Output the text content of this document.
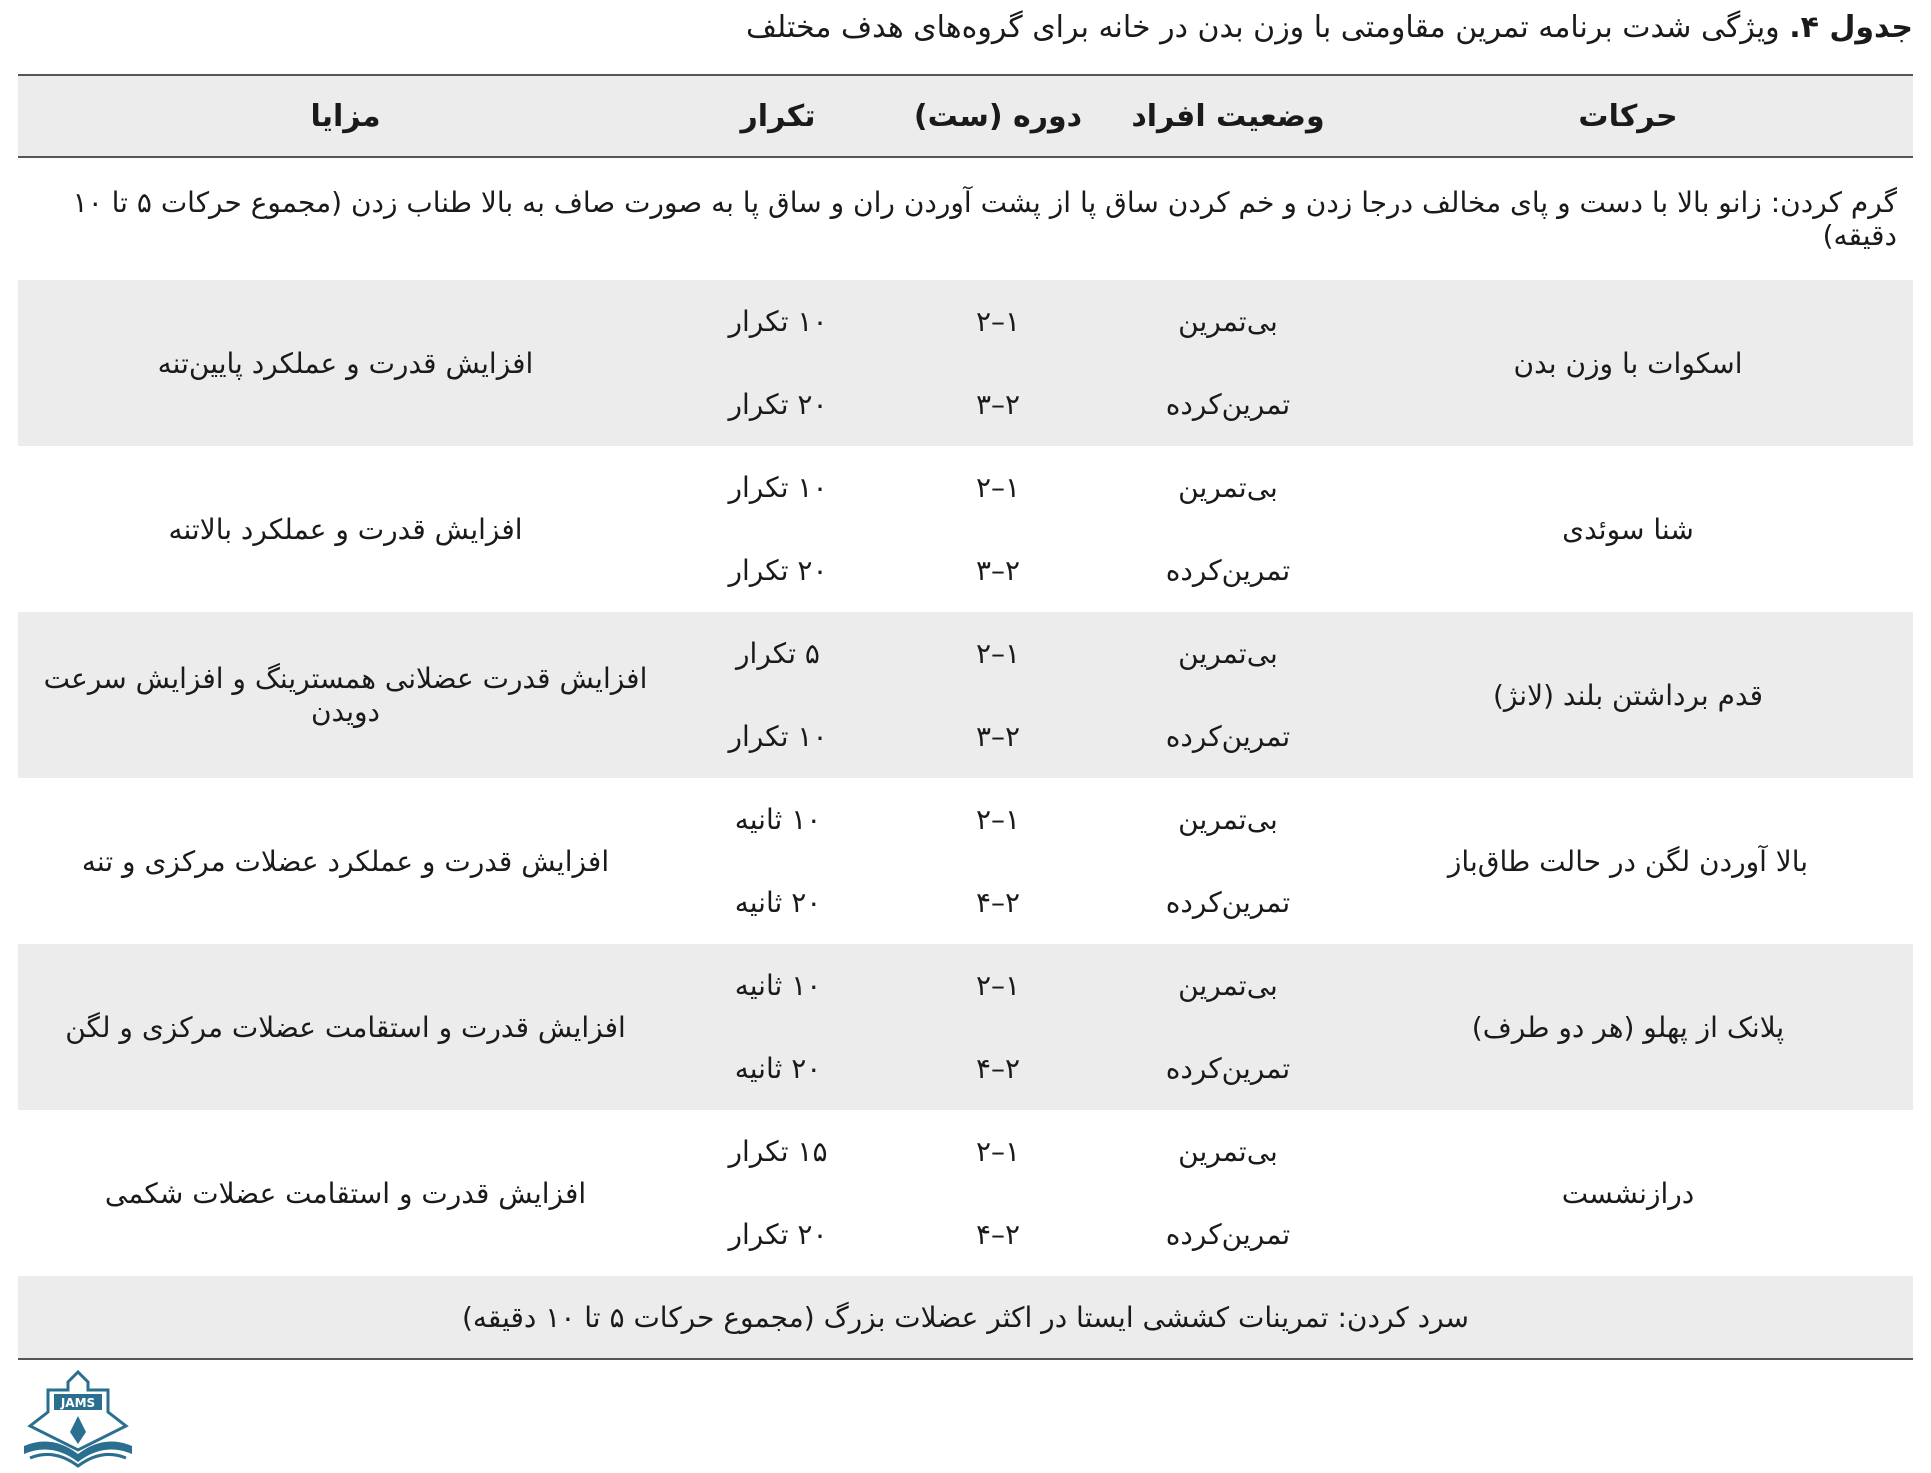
جدول ۴. ویژگی شدت برنامه تمرین مقاومتی با وزن بدن در خانه برای گروه‌های هدف مختلف
حرکات	وضعیت افراد	دوره (ست)	تکرار	مزایا
گرم کردن: زانو بالا با دست و پای مخالف درجا زدن و خم کردن ساق پا از پشت آوردن ران و ساق پا به صورت صاف به بالا طناب زدن (مجموع حرکات ۵ تا ۱۰ دقیقه)				
اسکوات با وزن بدن	بی‌تمرین	۱–۲	۱۰ تکرار	افزایش قدرت و عملکرد پایین‌تنه
	تمرین‌کرده	۲–۳	۲۰ تکرار	
شنا سوئدی	بی‌تمرین	۱–۲	۱۰ تکرار	افزایش قدرت و عملکرد بالاتنه
	تمرین‌کرده	۲–۳	۲۰ تکرار	
قدم برداشتن بلند (لانژ)	بی‌تمرین	۱–۲	۵ تکرار	افزایش قدرت عضلانی همسترینگ و افزایش سرعت دویدن
	تمرین‌کرده	۲–۳	۱۰ تکرار	
بالا آوردن لگن در حالت طاق‌باز	بی‌تمرین	۱–۲	۱۰ ثانیه	افزایش قدرت و عملکرد عضلات مرکزی و تنه
	تمرین‌کرده	۲–۴	۲۰ ثانیه	
پلانک از پهلو (هر دو طرف)	بی‌تمرین	۱–۲	۱۰ ثانیه	افزایش قدرت و استقامت عضلات مرکزی و لگن
	تمرین‌کرده	۲–۴	۲۰ ثانیه	
درازنشست	بی‌تمرین	۱–۲	۱۵ تکرار	افزایش قدرت و استقامت عضلات شکمی
	تمرین‌کرده	۲–۴	۲۰ تکرار	
سرد کردن: تمرینات کششی ایستا در اکثر عضلات بزرگ (مجموع حرکات ۵ تا ۱۰ دقیقه)				
JAMS
